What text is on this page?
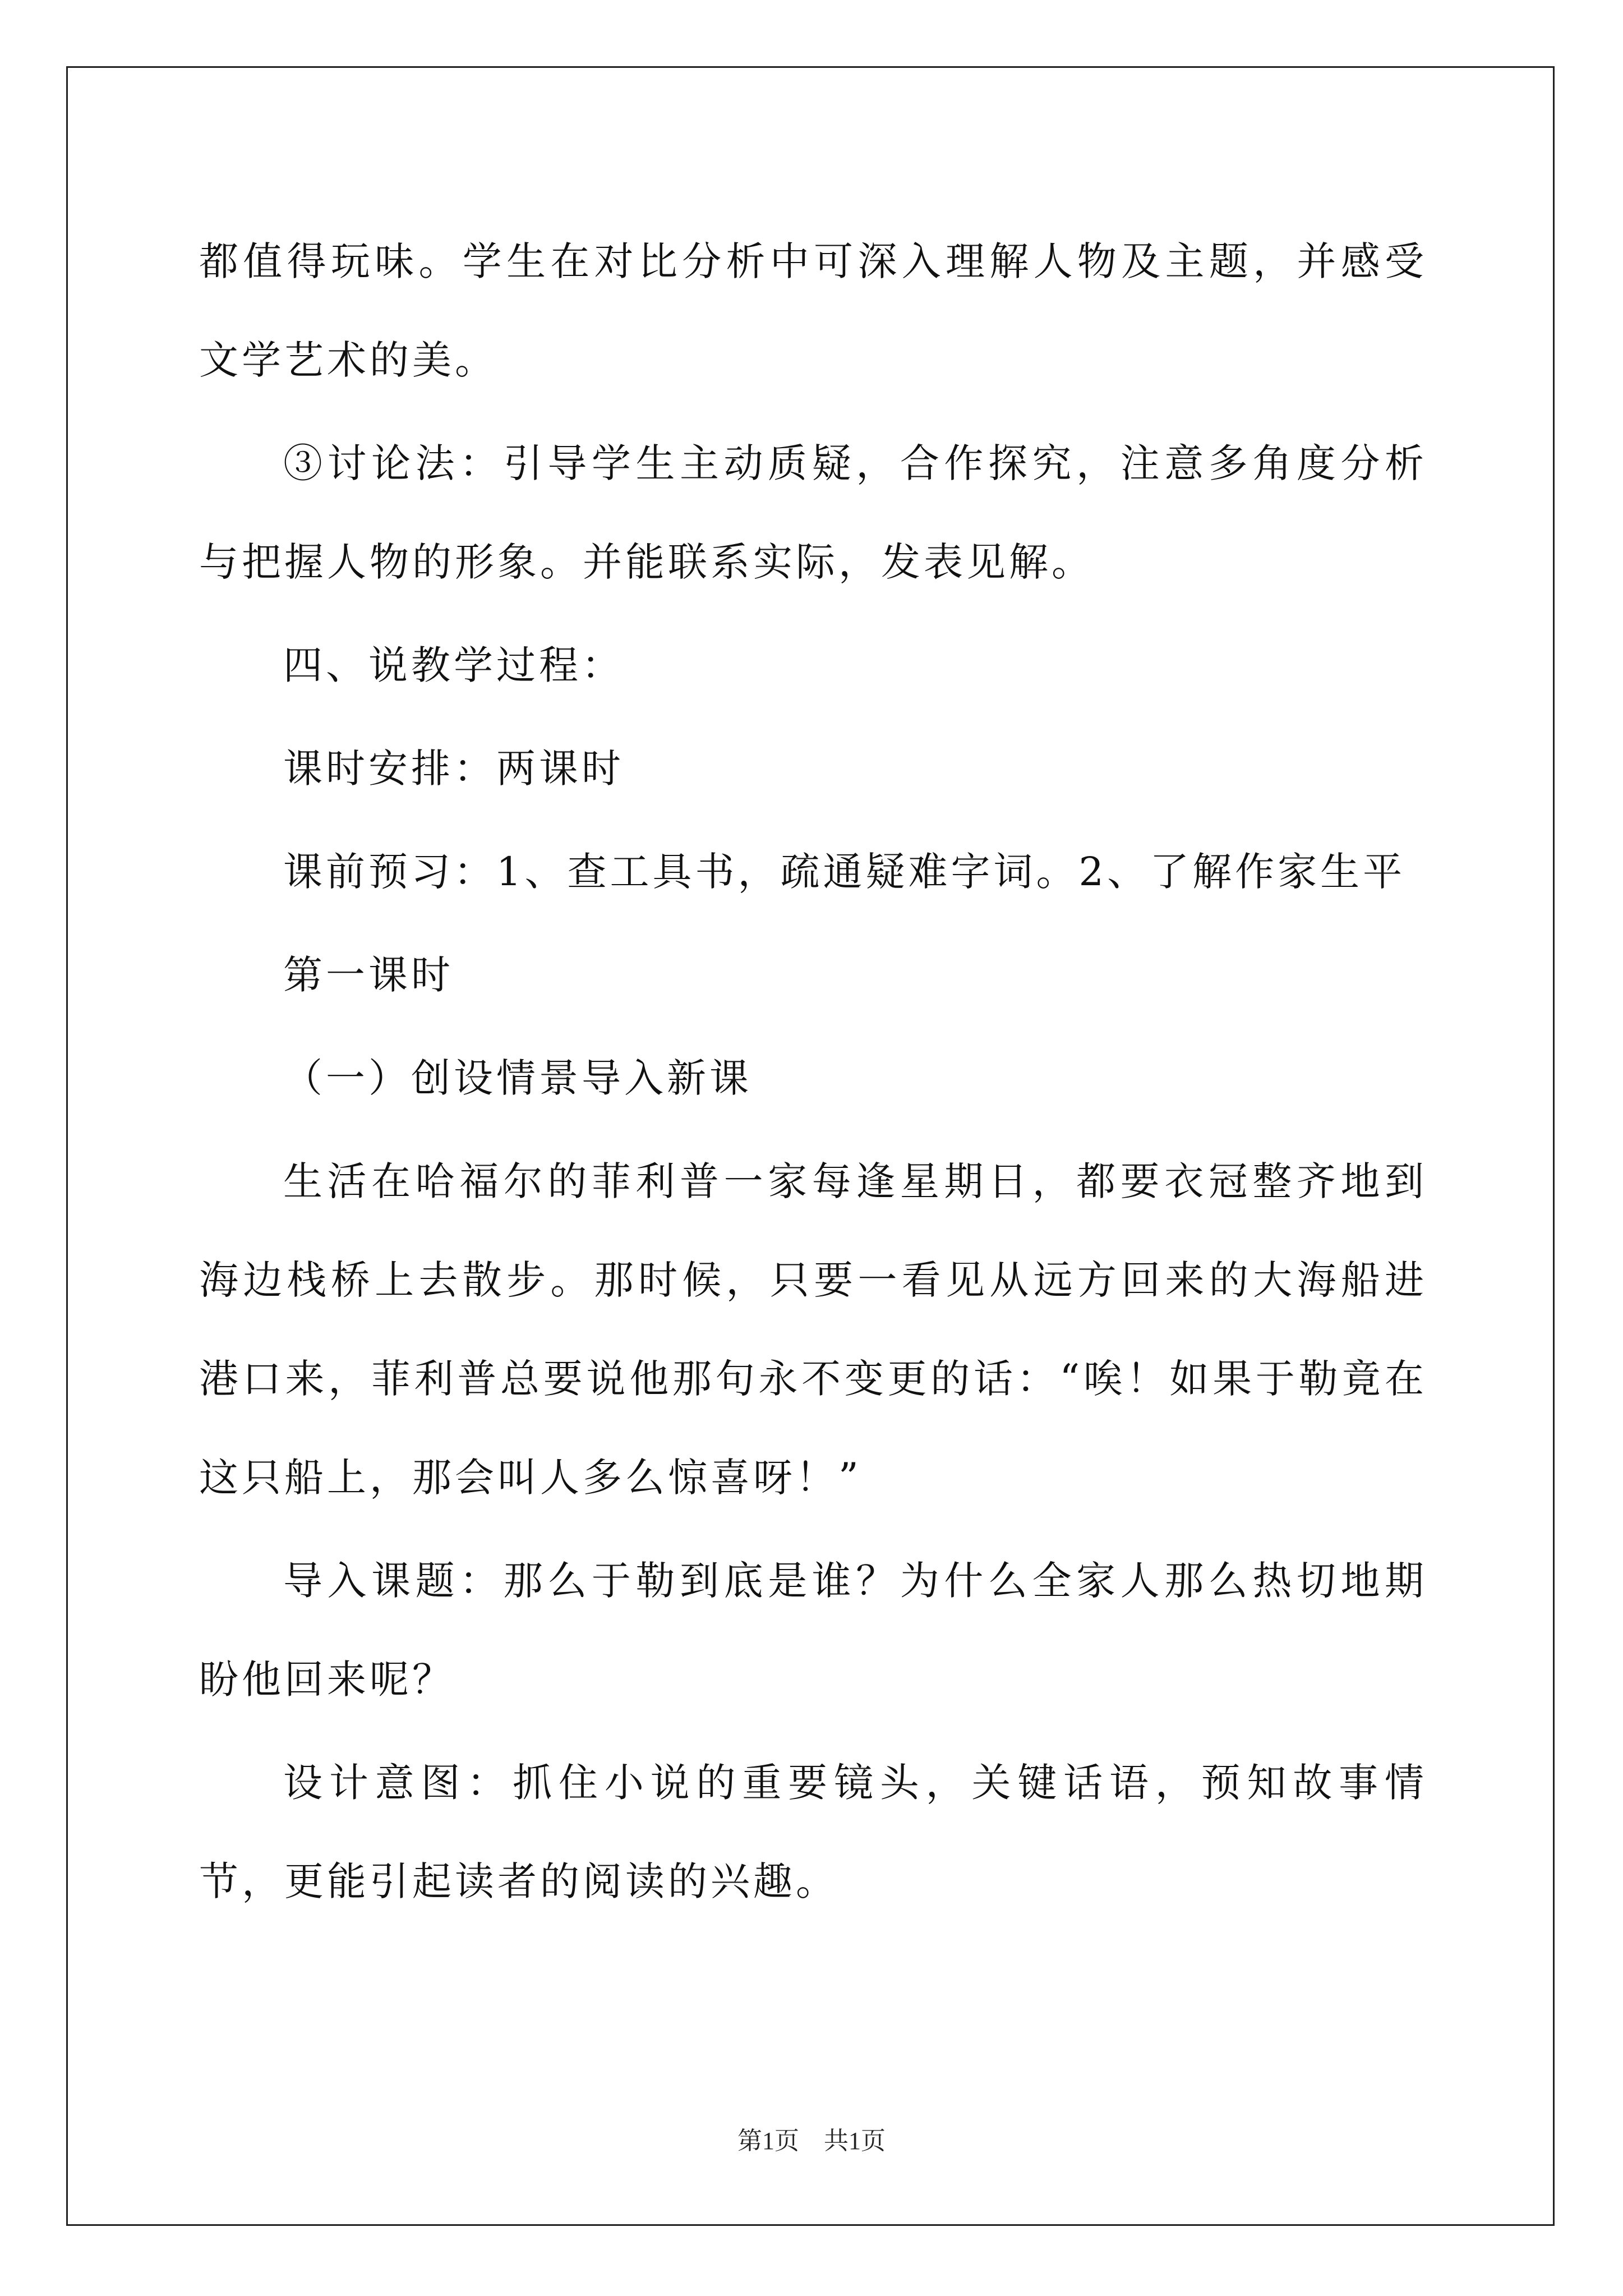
都值得玩味。学生在对比分析中可深入理解人物及主题，并感受文学艺术的美。

③讨论法：引导学生主动质疑，合作探究，注意多角度分析与把握人物的形象。并能联系实际，发表见解。

四、说教学过程：

课时安排：两课时

课前预习：1、查工具书，疏通疑难字词。2、了解作家生平

第一课时

（一）创设情景导入新课

生活在哈福尔的菲利普一家每逢星期日，都要衣冠整齐地到海边栈桥上去散步。那时候，只要一看见从远方回来的大海船进港口来，菲利普总要说他那句永不变更的话：“唉！如果于勒竟在这只船上，那会叫人多么惊喜呀！”

导入课题：那么于勒到底是谁？为什么全家人那么热切地期盼他回来呢？

设计意图：抓住小说的重要镜头，关键话语，预知故事情节，更能引起读者的阅读的兴趣。

第1页　共1页
